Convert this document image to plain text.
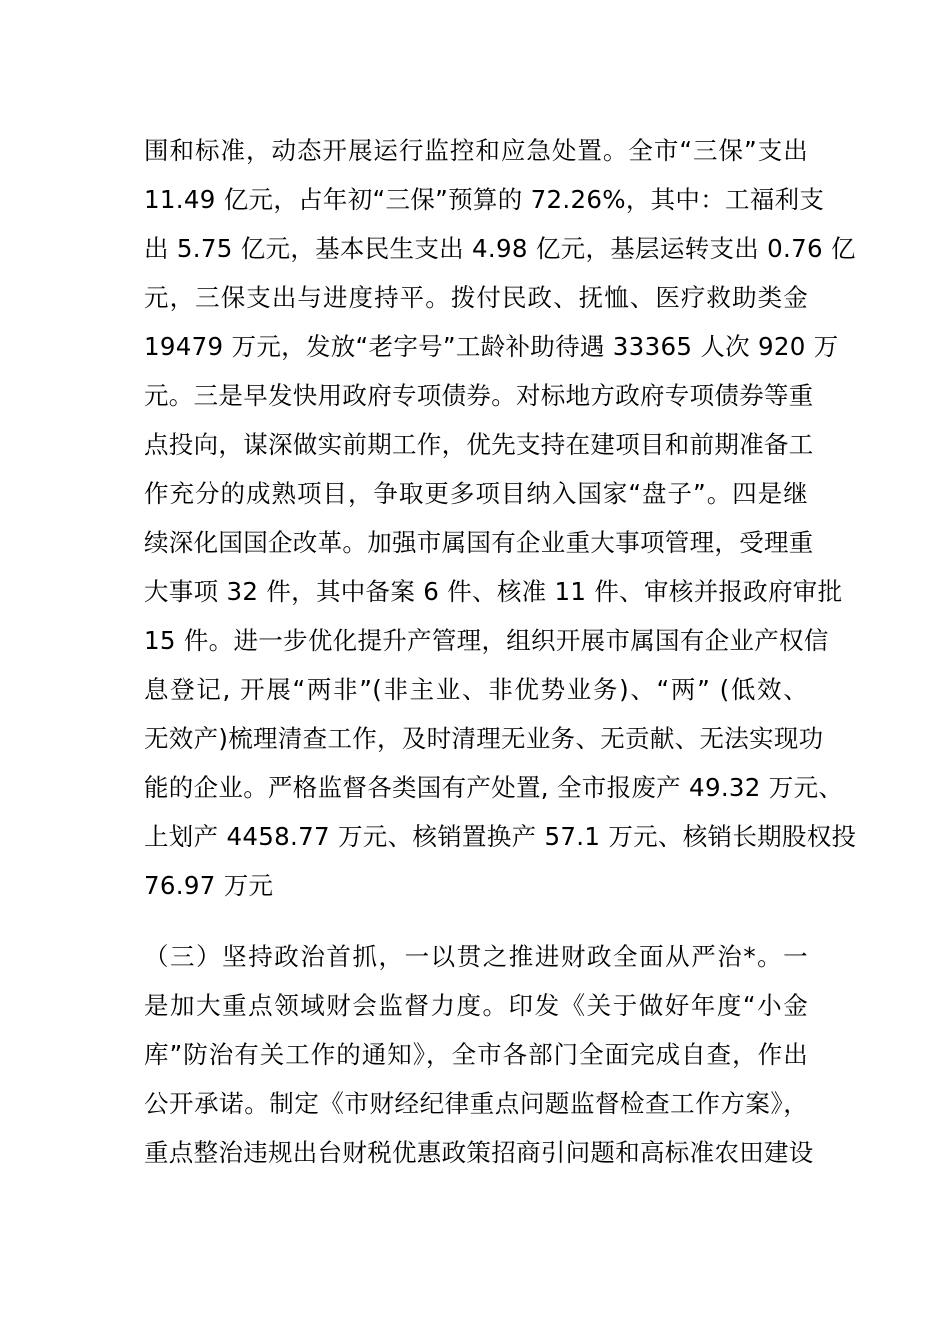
围和标准，动态开展运行监控和应急处置。全市“三保”支出
11.49 亿元，占年初“三保”预算的 72.26%，其中：工福利支
出 5.75 亿元，基本民生支出 4.98 亿元，基层运转支出 0.76 亿
元，三保支出与进度持平。拨付民政、抚恤、医疗救助类金
19479 万元，发放“老字号”工龄补助待遇 33365 人次 920 万
元。三是早发快用政府专项债券。对标地方政府专项债券等重
点投向，谋深做实前期工作，优先支持在建项目和前期准备工
作充分的成熟项目，争取更多项目纳入国家“盘子”。四是继
续深化国国企改革。加强市属国有企业重大事项管理，受理重
大事项 32 件，其中备案 6 件、核准 11 件、审核并报政府审批
15 件。进一步优化提升产管理，组织开展市属国有企业产权信
息登记, 开展“两非”(非主业、非优势业务)、“两” (低效、
无效产)梳理清查工作，及时清理无业务、无贡献、无法实现功
能的企业。严格监督各类国有产处置, 全市报废产 49.32 万元、
上划产 4458.77 万元、核销置换产 57.1 万元、核销长期股权投
76.97 万元
（三）坚持政治首抓，一以贯之推进财政全面从严治*。一
是加大重点领域财会监督力度。印发《关于做好年度“小金
库”防治有关工作的通知》，全市各部门全面完成自查，作出
公开承诺。制定《市财经纪律重点问题监督检查工作方案》，
重点整治违规出台财税优惠政策招商引问题和高标准农田建设
